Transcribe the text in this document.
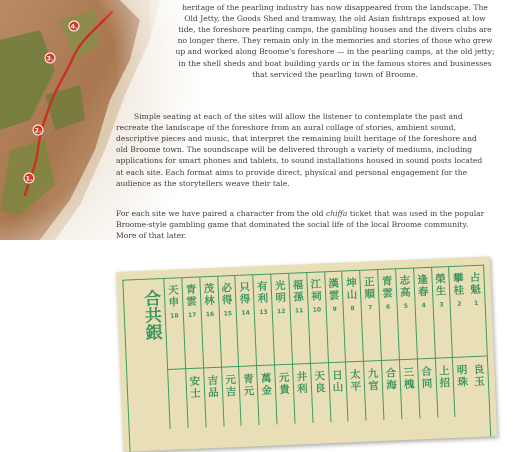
heritage of the pearling industry has now disappeared from the landscape. The Old Jetty, the Goods Shed and tramway, the old Asian fishtraps exposed at low tide, the foreshore pearling camps, the gambling houses and the divers clubs are no longer there. They remain only in the memories and stories of those who grew up and worked along Broome's foreshore — in the pearling camps, at the old jetty; in the shell sheds and boat building yards or in the famous stores and businesses that serviced the pearling town of Broome.

Simple seating at each of the sites will allow the listener to contemplate the past and recreate the landscape of the foreshore from an aural collage of stories, ambient sound, descriptive pieces and music, that interpret the remaining built heritage of the foreshore and old Broome town. The soundscape will be delivered through a variety of mediums, including applications for smart phones and tablets, to sound installations housed in sound posts located at each site. Each format aims to provide direct, physical and personal engagement for the audience as the storytellers weave their tale.

For each site we have paired a character from the old chiffa ticket that was used in the popular Broome-style gambling game that dominated the social life of the local Broome community. More of that later.

合共銀
占
魁
1
良
玉
攀
桂
2
明
珠
榮
生
3
上
招
逢
春
4
合
同
志
高
5
三
槐
青
雲
6
合
海
正
順
7
九
官
坤
山
8
太
平
漢
雲
9
日
山
江
祠
10
天
良
福
孫
11
井
利
光
明
12
元
貴
有
利
13
萬
金
只
得
14
青
元
必
得
15
元
吉
茂
林
16
吉
品
青
雲
17
安
士
天
申
18
